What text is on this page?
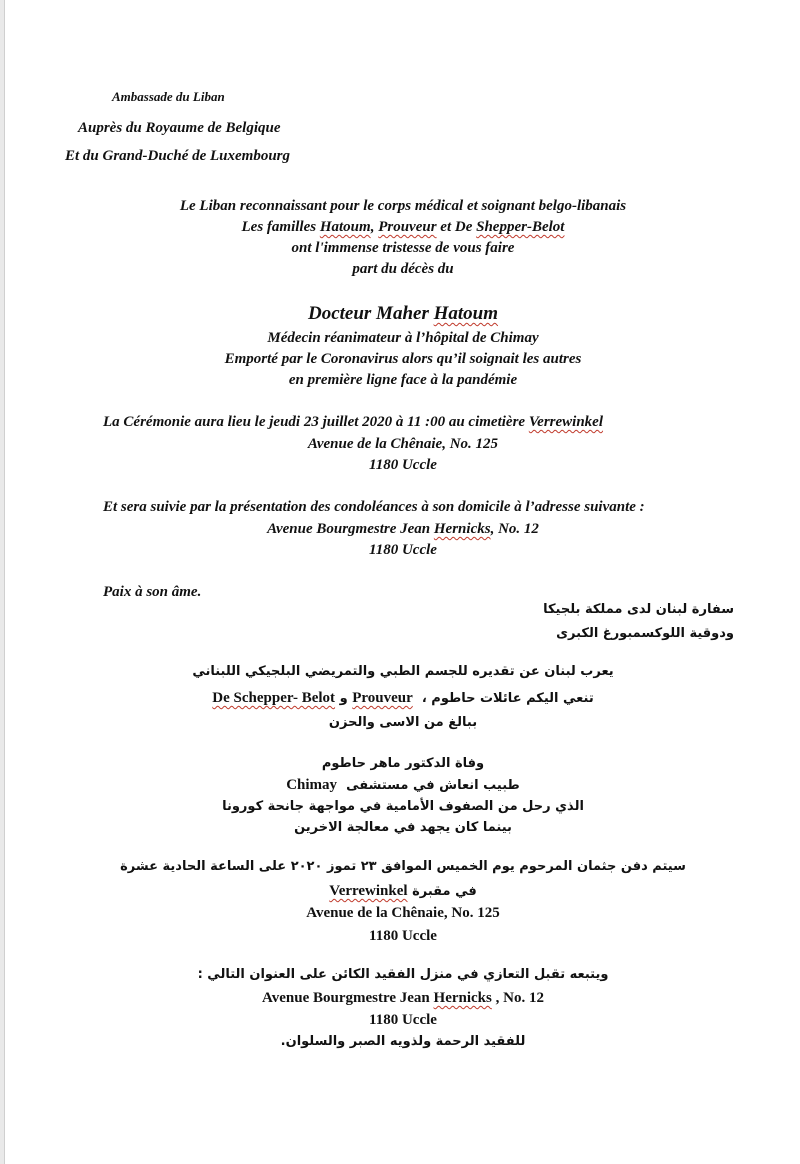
Ambassade du Liban
Auprès du Royaume de Belgique
Et du Grand-Duché de Luxembourg
Le Liban reconnaissant pour le corps médical et soignant belgo-libanais
Les familles Hatoum, Prouveur et De Shepper-Belot
ont l'immense tristesse de vous faire
part du décès du
Docteur Maher Hatoum
Médecin réanimateur à l’hôpital de Chimay
Emporté par le Coronavirus alors qu’il soignait les autres
en première ligne face à la pandémie
La Cérémonie aura lieu le jeudi 23 juillet 2020 à 11 :00 au cimetière Verrewinkel
Avenue de la Chênaie, No. 125
1180 Uccle
Et sera suivie par la présentation des condoléances à son domicile à l’adresse suivante :
Avenue Bourgmestre Jean Hernicks, No. 12
1180 Uccle
Paix à son âme.
سفارة لبنان لدى مملكة بلجيكا
ودوقية اللوكسمبورغ الكبرى
يعرب لبنان عن تقديره للجسم الطبي والتمريضي البلجيكي اللبناني
تنعي اليكم عائلات حاطوم ،  Prouveur و De Schepper- Belot
ببالغ من الاسى والحزن
وفاة الدكتور ماهر حاطوم
طبيب انعاش في مستشفى  Chimay
الذي رحل من الصفوف الأمامية في مواجهة جانحة كورونا
بينما كان يجهد في معالجة الاخرين
سيتم دفن جثمان المرحوم يوم الخميس الموافق ٢٣ تموز ٢٠٢٠ على الساعة الحادية عشرة
في مقبرة Verrewinkel
Avenue de la Chênaie, No. 125
1180 Uccle
ويتبعه تقبل التعازي في منزل الفقيد الكائن على العنوان التالي :
Avenue Bourgmestre Jean Hernicks , No. 12
1180 Uccle
للفقيد الرحمة ولذويه الصبر والسلوان.
